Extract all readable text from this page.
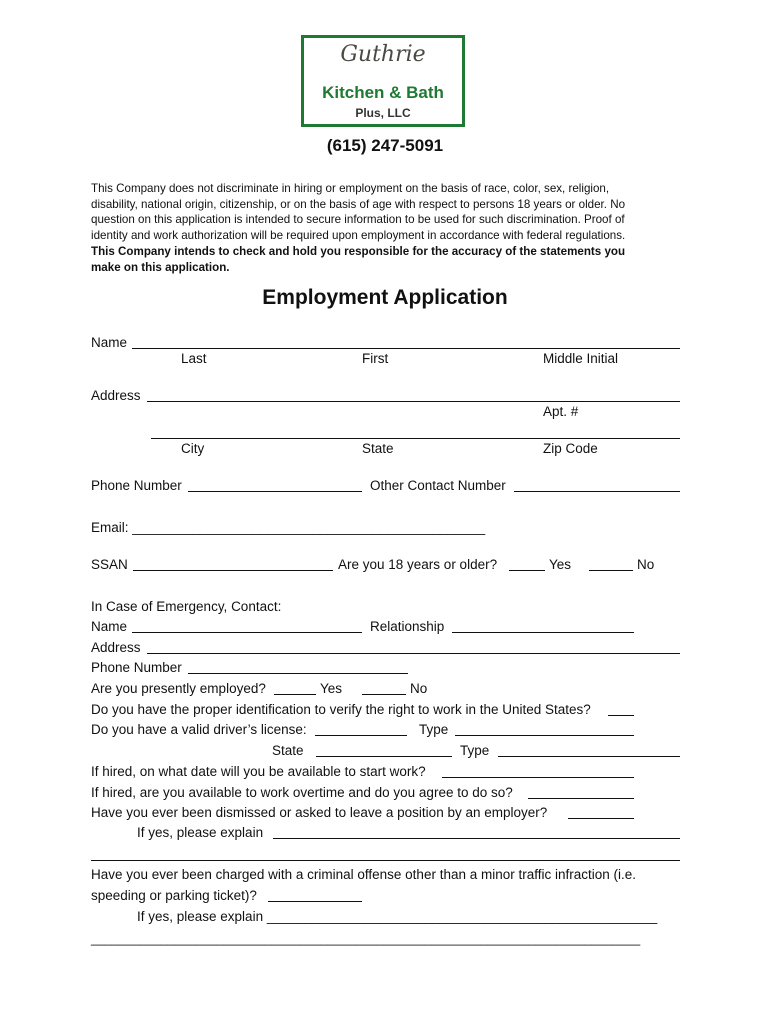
Guthrie
Kitchen & Bath
Plus, LLC
(615) 247-5091
This Company does not discriminate in hiring or employment on the basis of race, color, sex, religion,
disability, national origin, citizenship, or on the basis of age with respect to persons 18 years or older. No
question on this application is intended to secure information to be used for such discrimination. Proof of
identity and work authorization will be required upon employment in accordance with federal regulations.
This Company intends to check and hold you responsible for the accuracy of the statements you
make on this application.
Employment Application
Name
Last	First	Middle Initial
Address
Apt. #
City	State	Zip Code
Phone Number	Other Contact Number
Email: _______________________________________________
SSAN	Are you 18 years or older?	Yes	No
In Case of Emergency, Contact:
Name	Relationship
Address
Phone Number
Are you presently employed?	Yes	No
Do you have the proper identification to verify the right to work in the United States?
Do you have a valid driver’s license:	Type
State	Type
If hired, on what date will you be available to start work?
If hired, are you available to work overtime and do you agree to do so?
Have you ever been dismissed or asked to leave a position by an employer?
If yes, please explain
Have you ever been charged with a criminal offense other than a minor traffic infraction (i.e.
speeding or parking ticket)?
If yes, please explain ____________________________________________________
_______________________________________________________________________________
